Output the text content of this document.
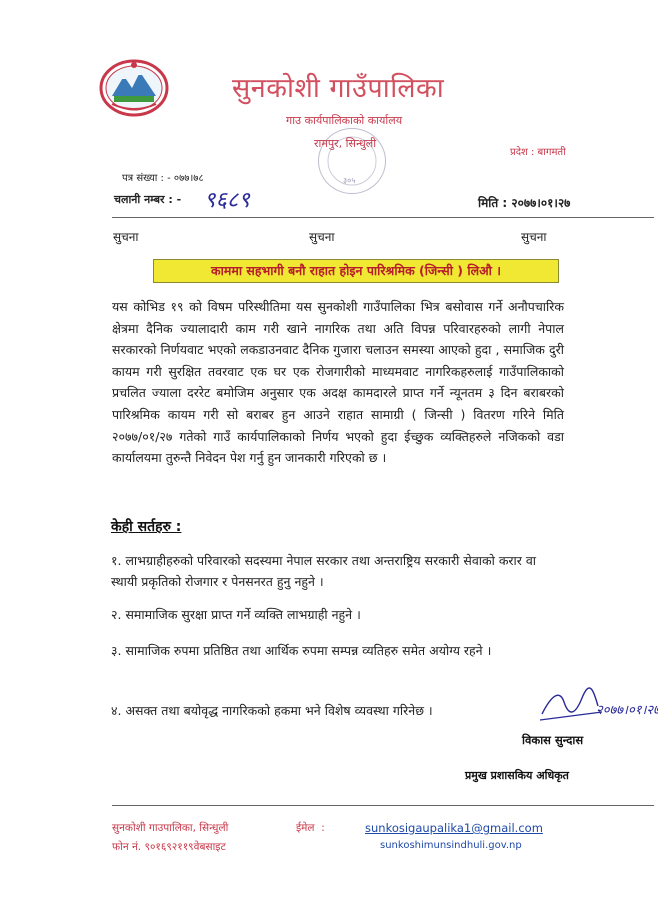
सुनकोशी गाउँपालिका
गाउ कार्यपालिकाको कार्यालय
रामपुर, सिन्धुली
प्रदेश : बागमती
३०५
पत्र संख्या : - ०७७।७८
चलानी नम्बर : - ९६८९	मिति : २०७७।०१।२७
सुचना	सुचना	सुचना
काममा सहभागी बनौ राहात होइन पारिश्रमिक (जिन्सी ) लिऔ ।
यस कोभिड १९ को विषम परिस्थीतिमा यस सुनकोशी गाउँपालिका भित्र बसोवास गर्ने अनौपचारिक क्षेत्रमा दैनिक ज्यालादारी काम गरी खाने नागरिक तथा अति विपन्न परिवारहरुको लागी नेपाल सरकारको निर्णयवाट भएको लकडाउनवाट दैनिक गुजारा चलाउन समस्या आएको हुदा , समाजिक दुरी कायम गरी सुरक्षित तवरवाट एक घर एक रोजगारीको माध्यमवाट नागरिकहरुलाई गाउँपालिकाको प्रचलित ज्याला दररेट बमोजिम अनुसार एक अदक्ष कामदारले प्राप्त गर्ने न्यूनतम ३ दिन बराबरको पारिश्रमिक कायम गरी सो बराबर हुन आउने राहात सामाग्री ( जिन्सी ) वितरण गरिने मिति २०७७/०१/२७ गतेको गाउँ कार्यपालिकाको निर्णय भएको हुदा ईच्छुक व्यक्तिहरुले नजिकको वडा कार्यालयमा तुरुन्तै निवेदन पेश गर्नु हुन जानकारी गरिएको छ ।
केही सर्तहरु :
१. लाभग्राहीहरुको परिवारको सदस्यमा नेपाल सरकार तथा अन्तराष्ट्रिय सरकारी सेवाको करार वा स्थायी प्रकृतिको रोजगार र पेनसनरत हुनु नहुने ।
२. समामाजिक सुरक्षा प्राप्त गर्ने व्यक्ति लाभग्राही नहुने ।
३. सामाजिक रुपमा प्रतिष्ठित तथा आर्थिक रुपमा सम्पन्न व्यतिहरु समेत अयोग्य रहने ।
४. असक्त तथा बयोवृद्ध नागरिकको हकमा भने विशेष व्यवस्था गरिनेछ ।	२०७७।०१।२७
विकास सुन्दास
प्रमुख प्रशासकिय अधिकृत
सुनकोशी गाउपालिका, सिन्धुली
फोन नं. ९०१६९२११९वेबसाइट
ईमेल  :	sunkosigaupalika1@gmail.com
sunkoshimunsindhuli.gov.np
